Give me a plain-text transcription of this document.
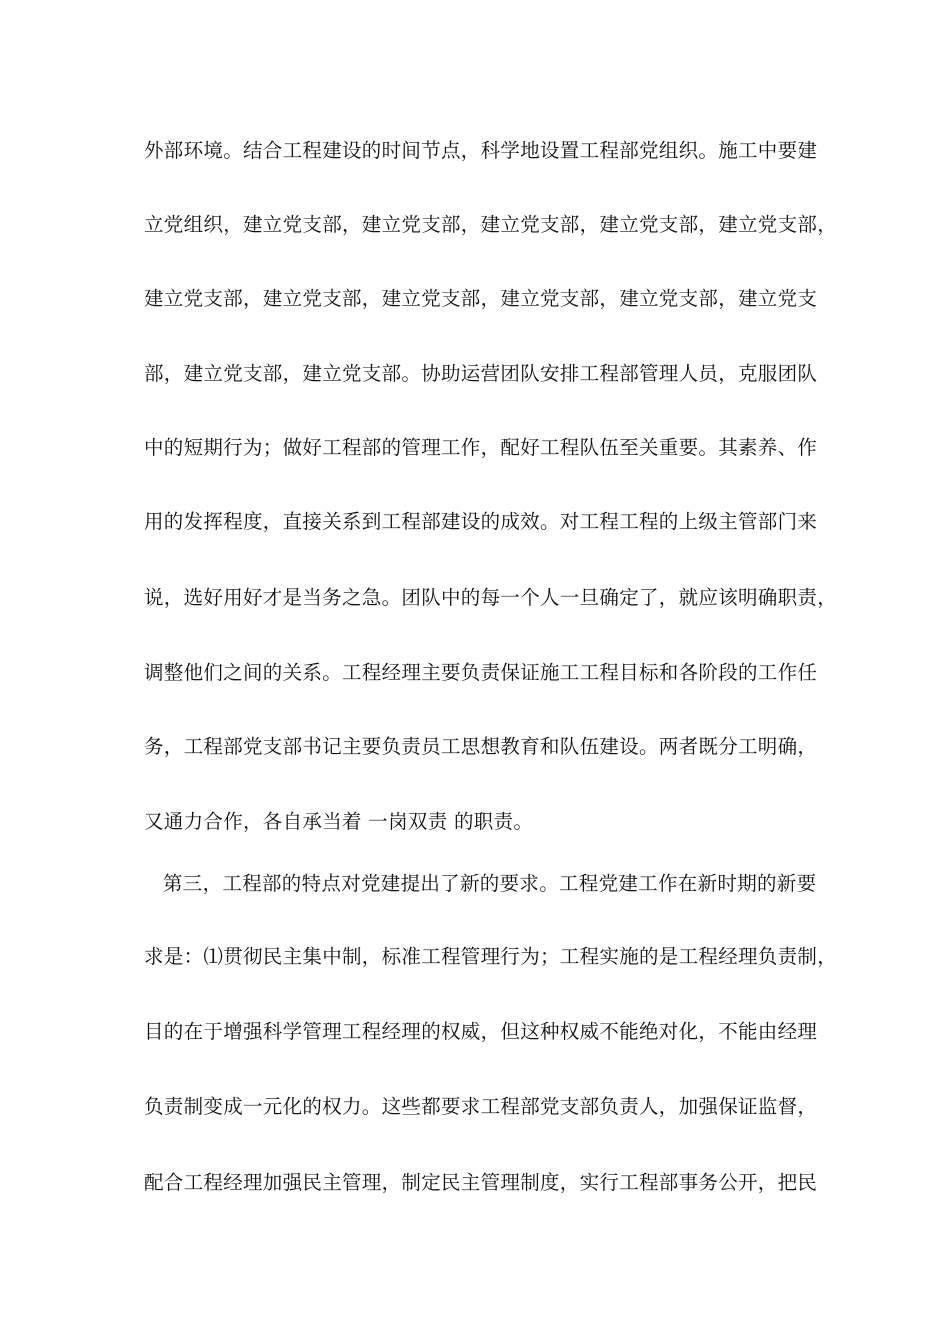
外部环境。结合工程建设的时间节点，科学地设置工程部党组织。施工中要建
立党组织，建立党支部，建立党支部，建立党支部，建立党支部，建立党支部，
建立党支部，建立党支部，建立党支部，建立党支部，建立党支部，建立党支
部，建立党支部，建立党支部。协助运营团队安排工程部管理人员，克服团队
中的短期行为；做好工程部的管理工作，配好工程队伍至关重要。其素养、作
用的发挥程度，直接关系到工程部建设的成效。对工程工程的上级主管部门来
说，选好用好才是当务之急。团队中的每一个人一旦确定了，就应该明确职责，
调整他们之间的关系。工程经理主要负责保证施工工程目标和各阶段的工作任
务，工程部党支部书记主要负责员工思想教育和队伍建设。两者既分工明确，
又通力合作，各自承当着 一岗双责 的职责。
第三，工程部的特点对党建提出了新的要求。工程党建工作在新时期的新要
求是：⑴贯彻民主集中制，标准工程管理行为；工程实施的是工程经理负责制，
目的在于增强科学管理工程经理的权威，但这种权威不能绝对化，不能由经理
负责制变成一元化的权力。这些都要求工程部党支部负责人，加强保证监督，
配合工程经理加强民主管理，制定民主管理制度，实行工程部事务公开，把民
